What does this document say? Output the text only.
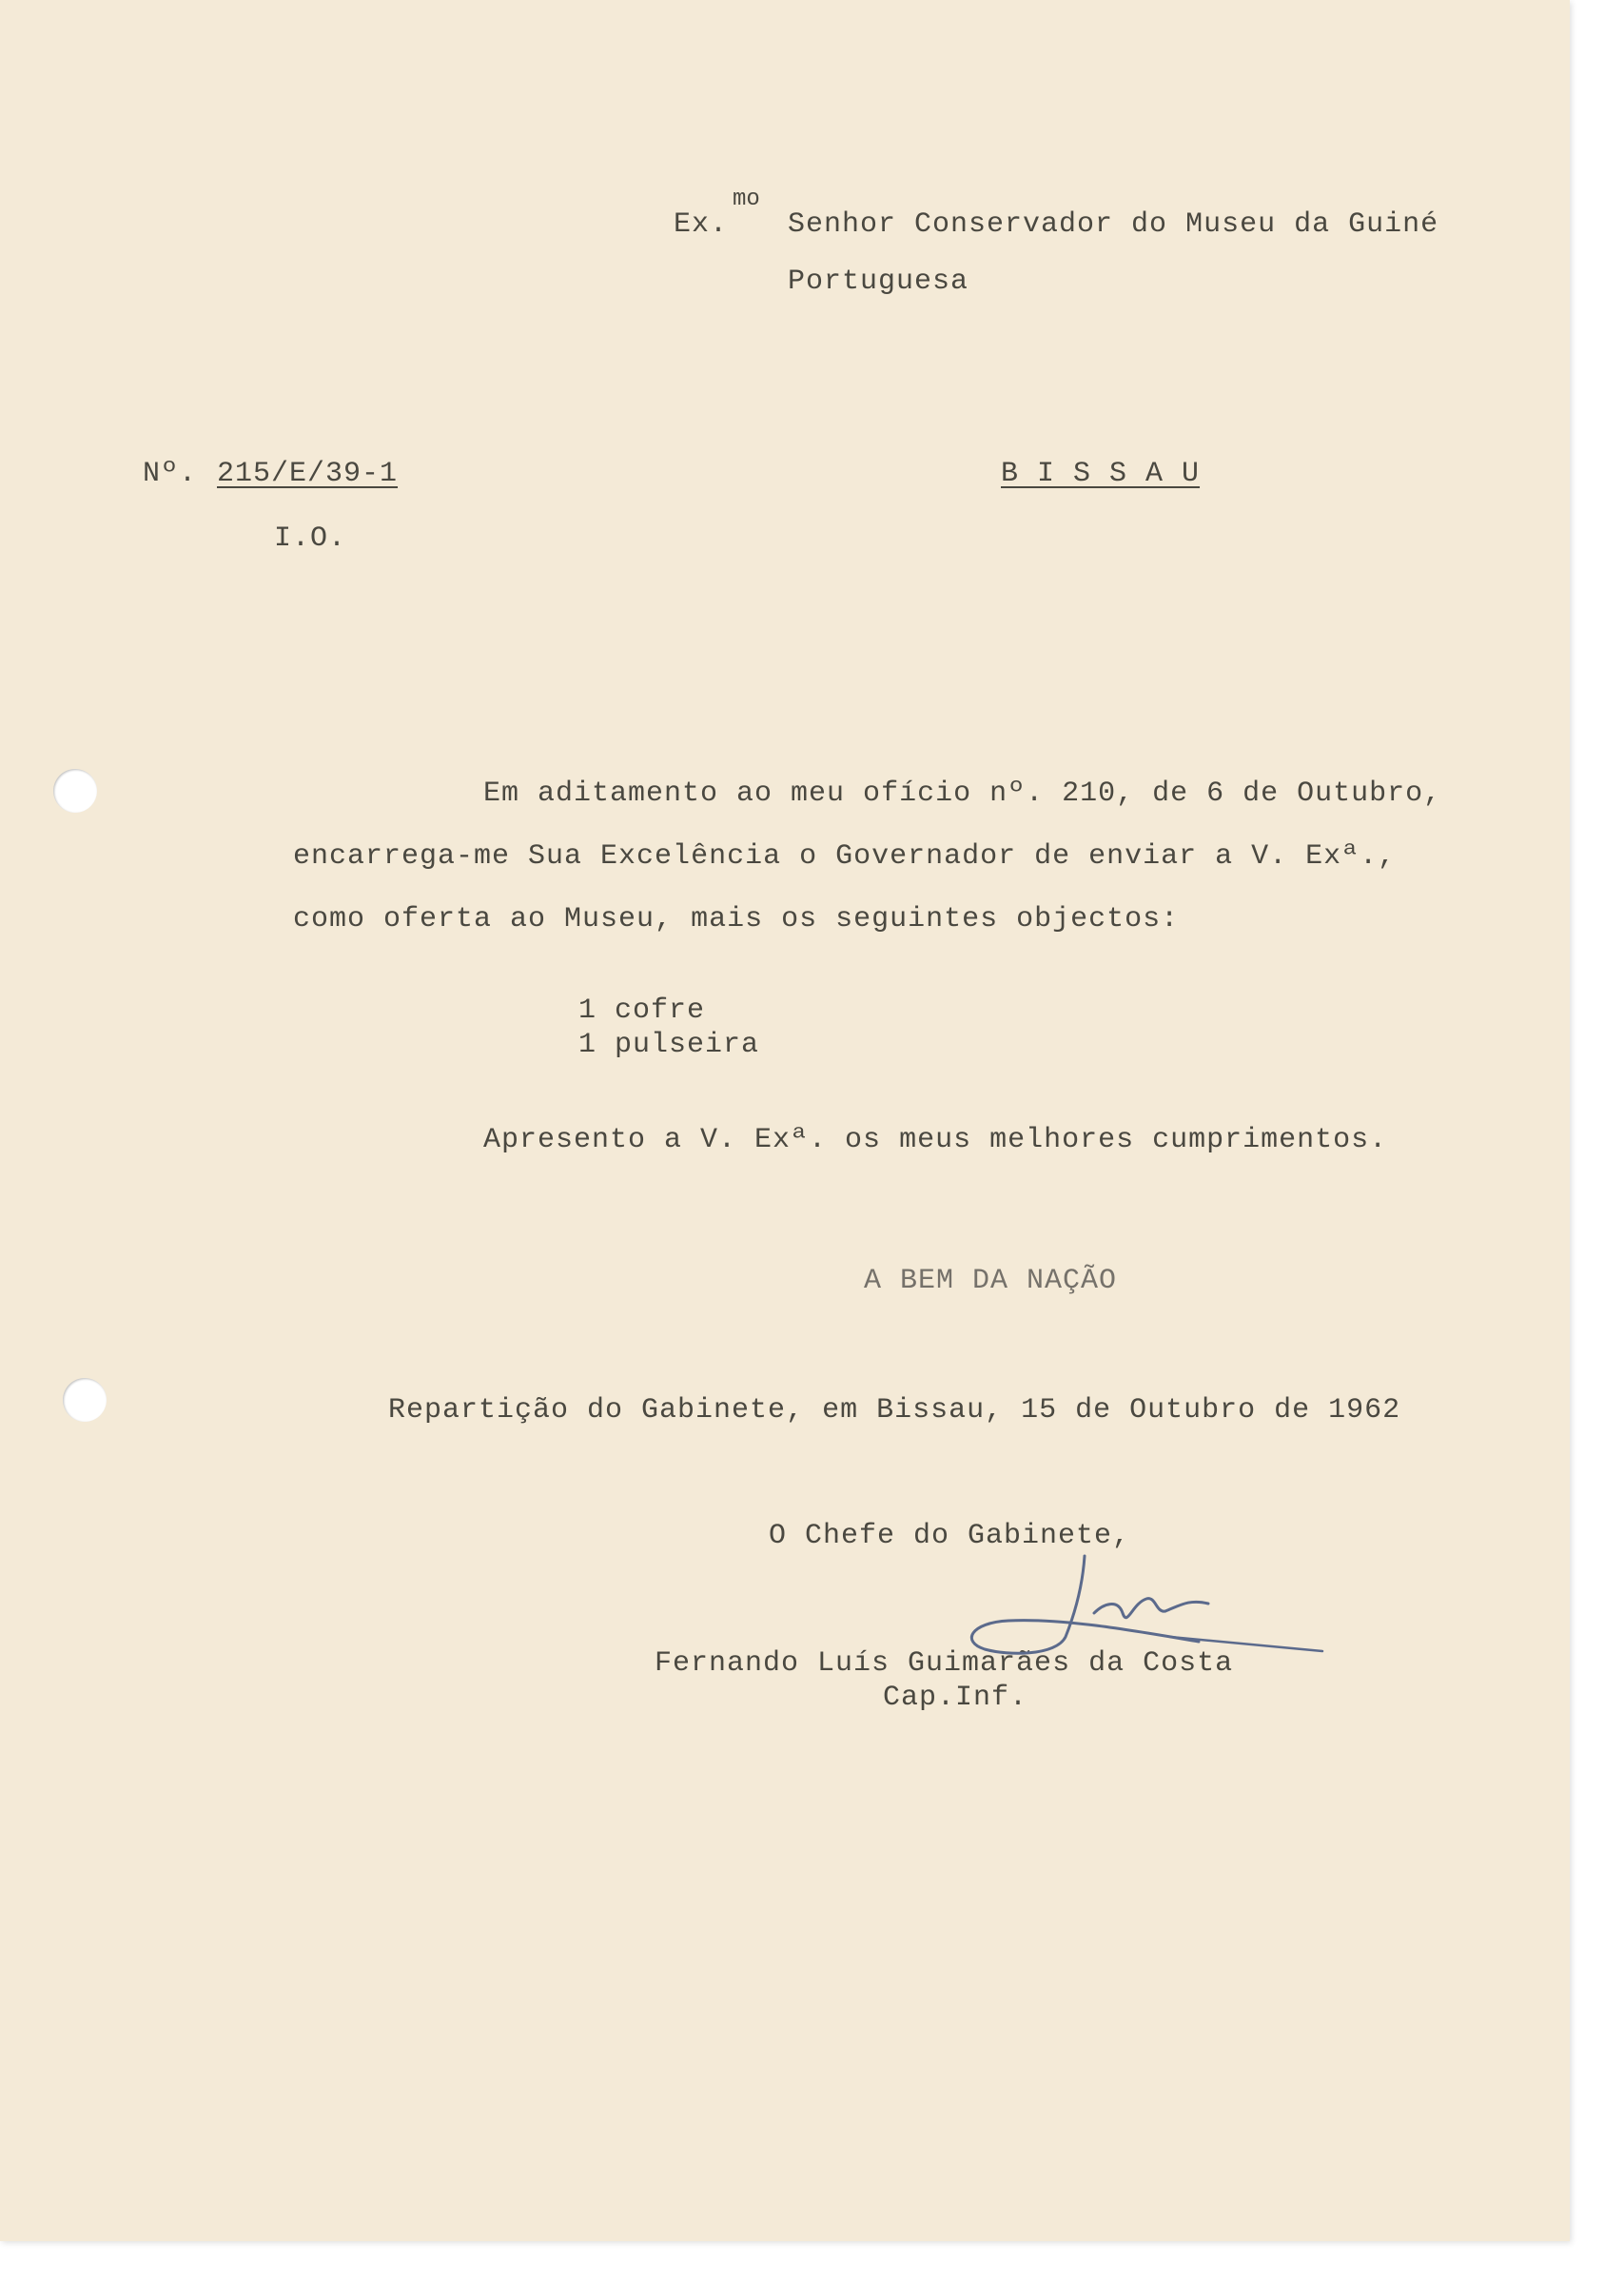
Ex.
mo
Senhor Conservador do Museu da Guiné
Portuguesa
Nº. 215/E/39-1
I.O.
B I S S A U
Em aditamento ao meu ofício nº. 210, de 6 de Outubro,
encarrega-me Sua Excelência o Governador de enviar a V. Exª.,
como oferta ao Museu, mais os seguintes objectos:
1 cofre
1 pulseira
Apresento a V. Exª. os meus melhores cumprimentos.
A BEM DA NAÇÃO
Repartição do Gabinete, em Bissau, 15 de Outubro de 1962
O Chefe do Gabinete,
Fernando Luís Guimarães da Costa
Cap.Inf.
